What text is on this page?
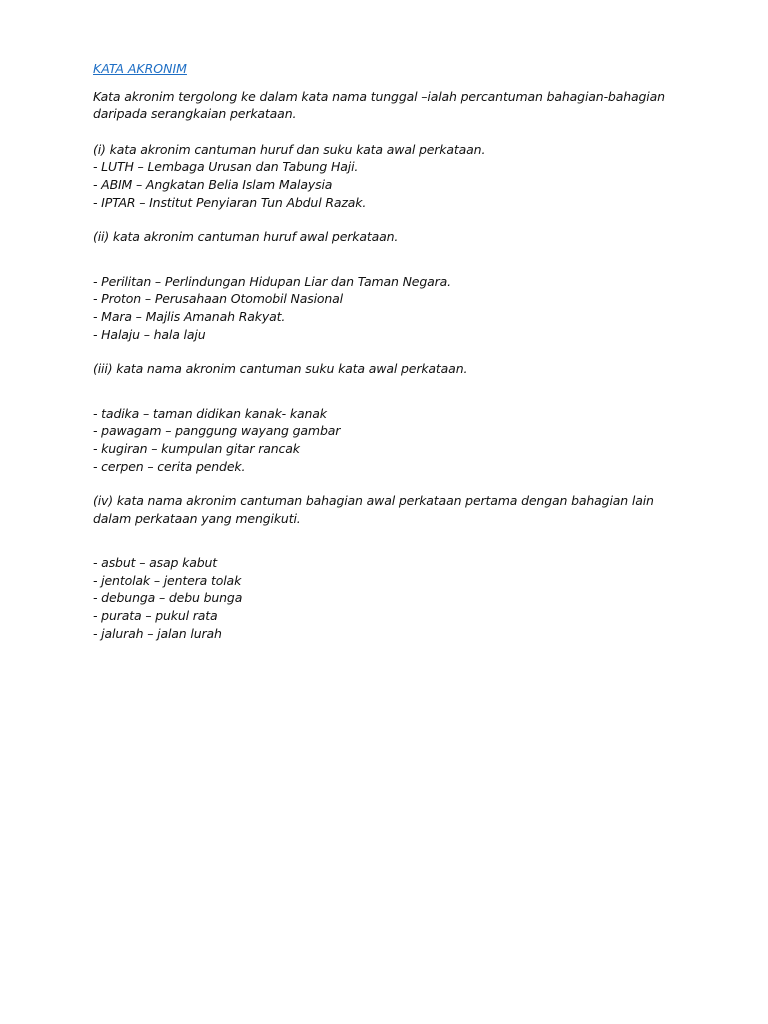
KATA AKRONIM

Kata akronim tergolong ke dalam kata nama tunggal –ialah percantuman bahagian-bahagian daripada serangkaian perkataan.

(i) kata akronim cantuman huruf dan suku kata awal perkataan.

- LUTH – Lembaga Urusan dan Tabung Haji.
- ABIM – Angkatan Belia Islam Malaysia
- IPTAR – Institut Penyiaran Tun Abdul Razak.

(ii) kata akronim cantuman huruf awal perkataan.

- Perilitan – Perlindungan Hidupan Liar dan Taman Negara.
- Proton – Perusahaan Otomobil Nasional
- Mara – Majlis Amanah Rakyat.
- Halaju – hala laju

(iii) kata nama akronim cantuman suku kata awal perkataan.

- tadika – taman didikan kanak- kanak
- pawagam – panggung wayang gambar
- kugiran – kumpulan gitar rancak
- cerpen – cerita pendek.

(iv) kata nama akronim cantuman bahagian awal perkataan pertama dengan bahagian lain dalam perkataan yang mengikuti.

- asbut – asap kabut
- jentolak – jentera tolak
- debunga – debu bunga
- purata – pukul rata
- jalurah – jalan lurah
